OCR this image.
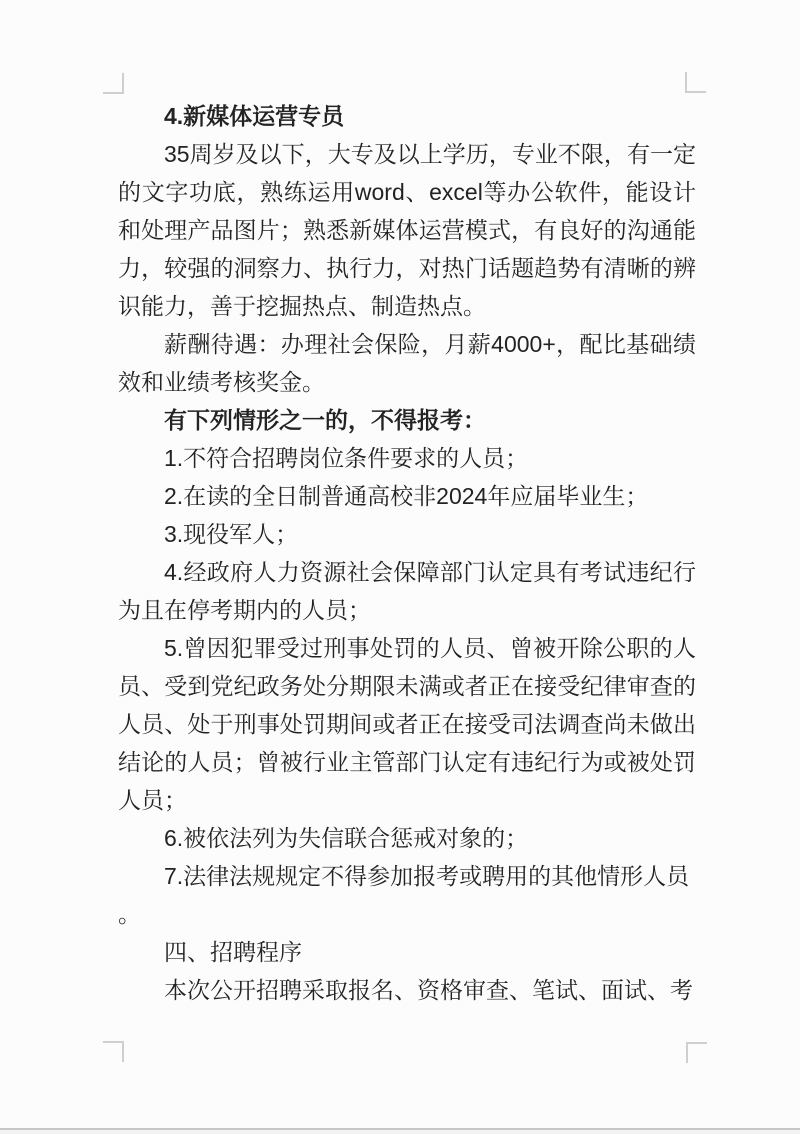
4.新媒体运营专员
35周岁及以下，大专及以上学历，专业不限，有一定的文字功底，熟练运用word、excel等办公软件，能设计和处理产品图片；熟悉新媒体运营模式，有良好的沟通能力，较强的洞察力、执行力，对热门话题趋势有清晰的辨识能力，善于挖掘热点、制造热点。
薪酬待遇：办理社会保险，月薪4000+，配比基础绩效和业绩考核奖金。
有下列情形之一的，不得报考：
1.不符合招聘岗位条件要求的人员；
2.在读的全日制普通高校非2024年应届毕业生；
3.现役军人；
4.经政府人力资源社会保障部门认定具有考试违纪行为且在停考期内的人员；
5.曾因犯罪受过刑事处罚的人员、曾被开除公职的人员、受到党纪政务处分期限未满或者正在接受纪律审查的人员、处于刑事处罚期间或者正在接受司法调查尚未做出结论的人员；曾被行业主管部门认定有违纪行为或被处罚人员；
6.被依法列为失信联合惩戒对象的；
7.法律法规规定不得参加报考或聘用的其他情形人员
。
四、招聘程序
本次公开招聘采取报名、资格审查、笔试、面试、考
